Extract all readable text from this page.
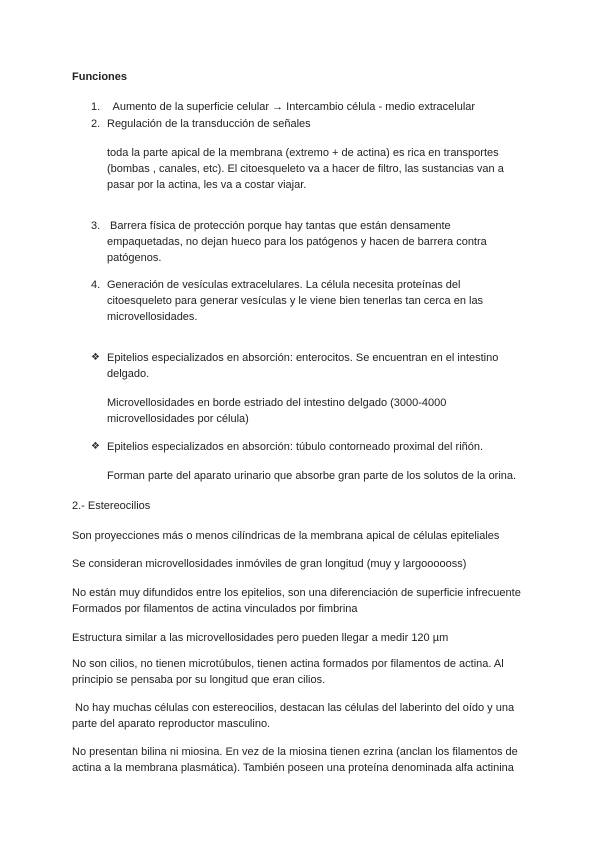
Funciones
1. Aumento de la superficie celular → Intercambio célula - medio extracelular
2. Regulación de la transducción de señales
toda la parte apical de la membrana (extremo + de actina) es rica en transportes
(bombas , canales, etc). El citoesqueleto va a hacer de filtro, las sustancias van a
pasar por la actina, les va a costar viajar.
3. Barrera física de protección porque hay tantas que están densamente
empaquetadas, no dejan hueco para los patógenos y hacen de barrera contra
patógenos.
4. Generación de vesículas extracelulares. La célula necesita proteínas del
citoesqueleto para generar vesículas y le viene bien tenerlas tan cerca en las
microvellosidades.
❖ Epitelios especializados en absorción: enterocitos. Se encuentran en el intestino
delgado.
Microvellosidades en borde estriado del intestino delgado (3000-4000
microvellosidades por célula)
❖ Epitelios especializados en absorción: túbulo contorneado proximal del riñón.
Forman parte del aparato urinario que absorbe gran parte de los solutos de la orina.
2.- Estereocilios
Son proyecciones más o menos cilíndricas de la membrana apical de células epiteliales
Se consideran microvellosidades inmóviles de gran longitud (muy y largoooooss)
No están muy difundidos entre los epitelios, son una diferenciación de superficie infrecuente
Formados por filamentos de actina vinculados por fimbrina
Estructura similar a las microvellosidades pero pueden llegar a medir 120 µm
No son cilios, no tienen microtúbulos, tienen actina formados por filamentos de actina. Al
principio se pensaba por su longitud que eran cilios.
No hay muchas células con estereocilios, destacan las células del laberinto del oído y una
parte del aparato reproductor masculino.
No presentan bilina ni miosina. En vez de la miosina tienen ezrina (anclan los filamentos de
actina a la membrana plasmática). También poseen una proteína denominada alfa actinina
